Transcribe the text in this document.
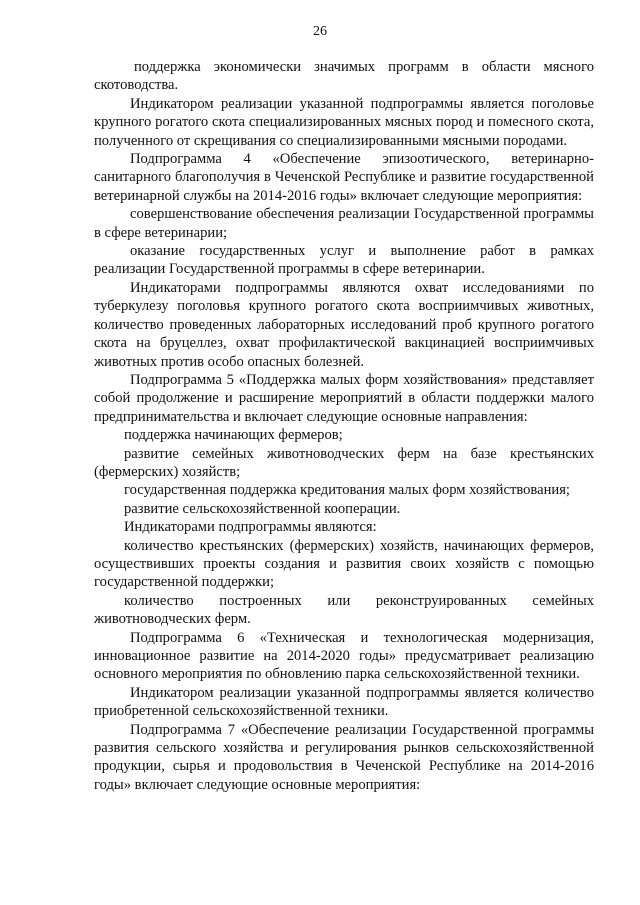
26

поддержка экономически значимых программ в области мясного скотоводства.

Индикатором реализации указанной подпрограммы является поголовье крупного рогатого скота специализированных мясных пород и помесного скота, полученного от скрещивания со специализированными мясными породами.

Подпрограмма 4 «Обеспечение эпизоотического, ветеринарно-санитарного благополучия в Чеченской Республике и развитие государственной ветеринарной службы на 2014-2016 годы» включает следующие мероприятия:

совершенствование обеспечения реализации Государственной программы в сфере ветеринарии;

оказание государственных услуг и выполнение работ в рамках реализации Государственной программы в сфере ветеринарии.

Индикаторами подпрограммы являются охват исследованиями по туберкулезу поголовья крупного рогатого скота восприимчивых животных, количество проведенных лабораторных исследований проб крупного рогатого скота на бруцеллез, охват профилактической вакцинацией восприимчивых животных против особо опасных болезней.

Подпрограмма 5 «Поддержка малых форм хозяйствования» представляет собой продолжение и расширение мероприятий в области поддержки малого предпринимательства и включает следующие основные направления:

поддержка начинающих фермеров;

развитие семейных животноводческих ферм на базе крестьянских (фермерских) хозяйств;

государственная поддержка кредитования малых форм хозяйствования;

развитие сельскохозяйственной кооперации.

Индикаторами подпрограммы являются:

количество крестьянских (фермерских) хозяйств, начинающих фермеров, осуществивших проекты создания и развития своих хозяйств с помощью государственной поддержки;

количество построенных или реконструированных семейных животноводческих ферм.

Подпрограмма 6 «Техническая и технологическая модернизация, инновационное развитие на 2014-2020 годы» предусматривает реализацию основного мероприятия по обновлению парка сельскохозяйственной техники.

Индикатором реализации указанной подпрограммы является количество приобретенной сельскохозяйственной техники.

Подпрограмма 7 «Обеспечение реализации Государственной программы развития сельского хозяйства и регулирования рынков сельскохозяйственной продукции, сырья и продовольствия в Чеченской Республике на 2014-2016 годы» включает следующие основные мероприятия:
